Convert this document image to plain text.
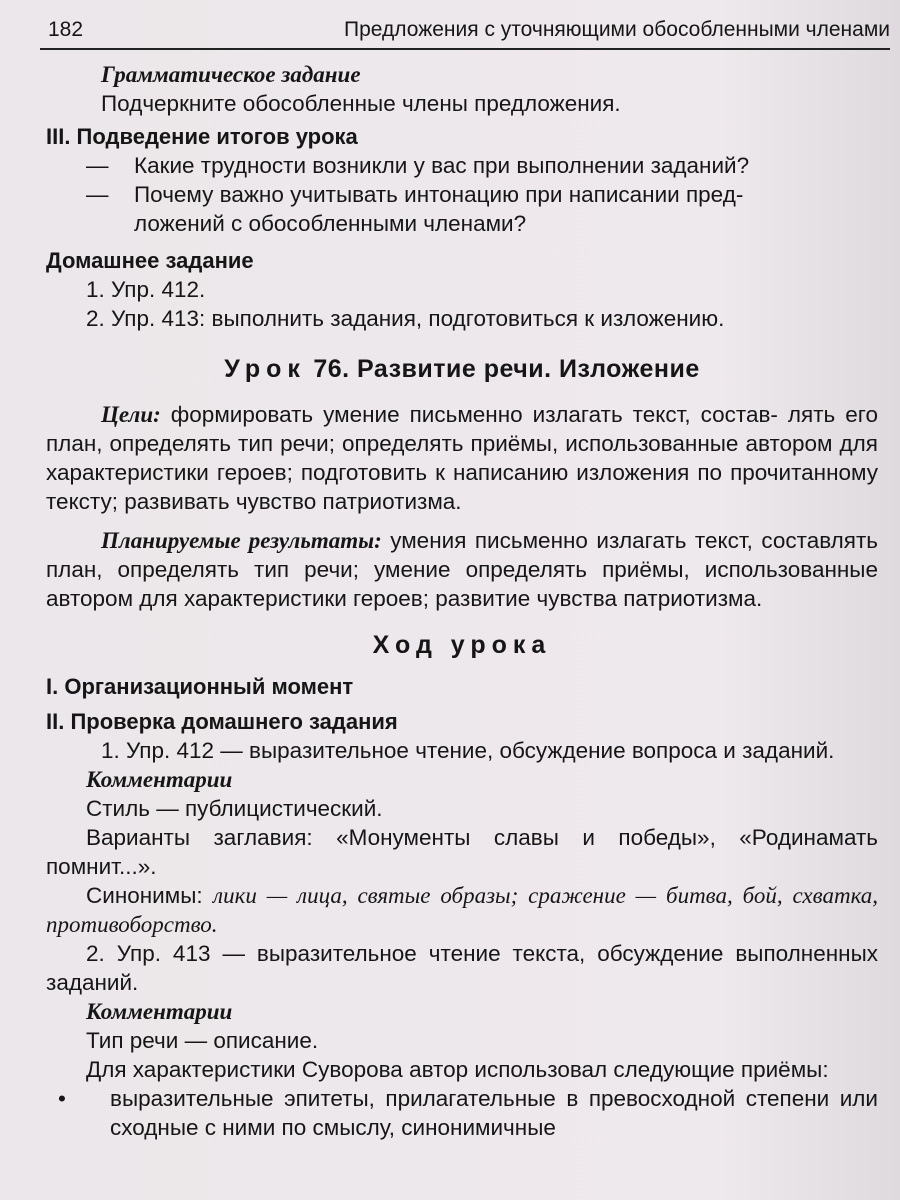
182	Предложения с уточняющими обособленными членами

Грамматическое задание

Подчеркните обособленные члены предложения.

III. Подведение итогов урока

— Какие трудности возникли у вас при выполнении заданий?

— Почему важно учитывать интонацию при написании пред-

ложений с обособленными членами?

Домашнее задание

1. Упр. 412.

2. Упр. 413: выполнить задания, подготовиться к изложению.

Урок 76. Развитие речи. Изложение

Цели: формировать умение письменно излагать текст, состав- лять его план, определять тип речи; определять приёмы, использованные автором для характеристики героев; подготовить к написанию изложения по прочитанному тексту; развивать чувство патриотизма.

Планируемые результаты: умения письменно излагать текст, составлять план, определять тип речи; умение определять приёмы, использованные автором для характеристики героев; развитие чувства патриотизма.

Ход урока

I. Организационный момент

II. Проверка домашнего задания

1. Упр. 412 — выразительное чтение, обсуждение вопроса и заданий.

Комментарии

Стиль — публицистический.

Варианты заглавия: «Монументы славы и победы», «Родинамать помнит...».

Синонимы: лики — лица, святые образы; сражение — битва, бой, схватка, противоборство.

2. Упр. 413 — выразительное чтение текста, обсуждение выполненных заданий.

Комментарии

Тип речи — описание.

Для характеристики Суворова автор использовал следующие приёмы:

• выразительные эпитеты, прилагательные в превосходной степени или сходные с ними по смыслу, синонимичные
